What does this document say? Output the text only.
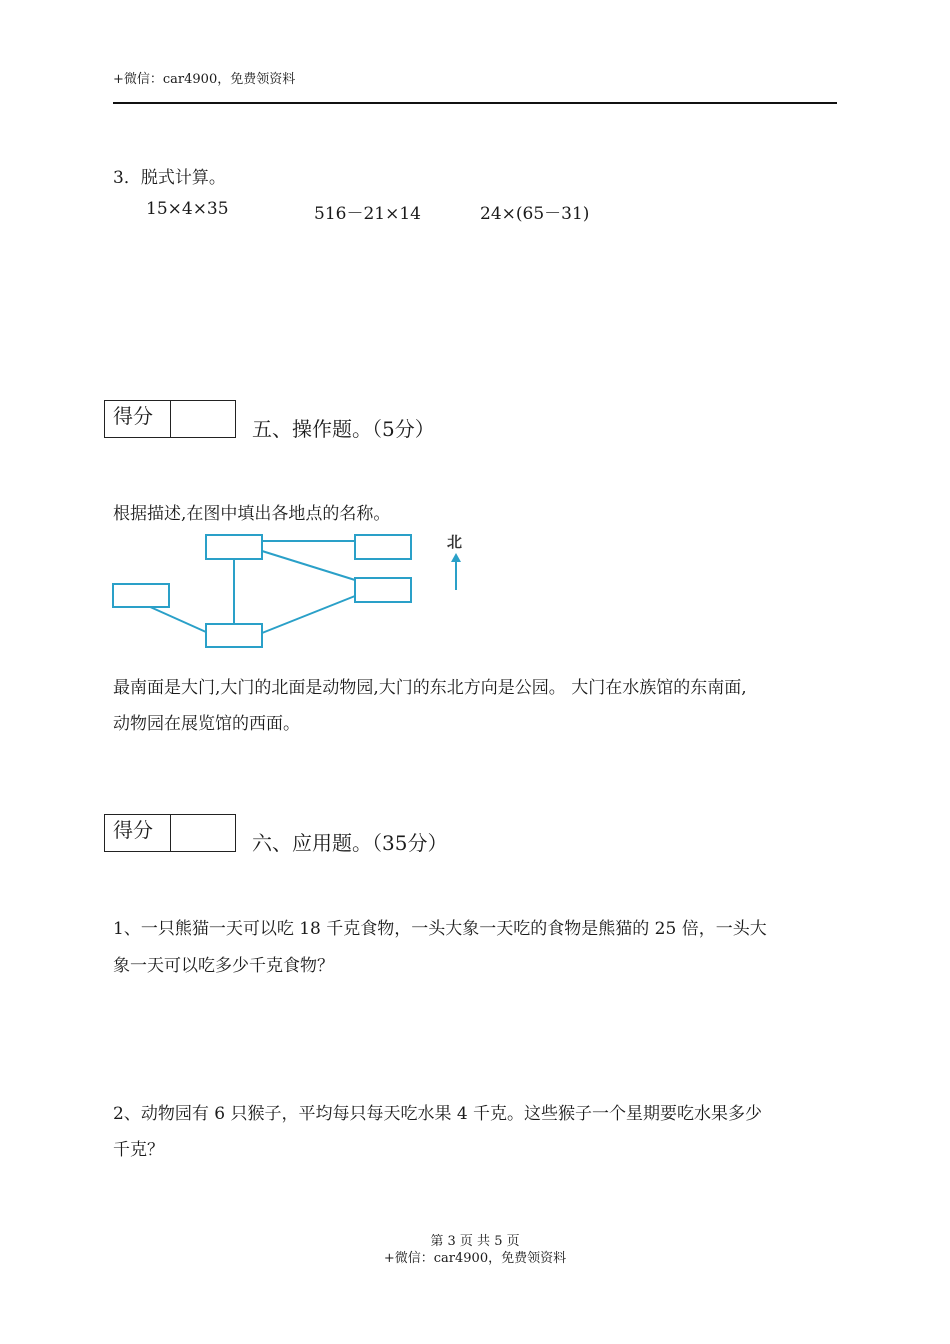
+微信：car4900，免费领资料
3．脱式计算。
15×4×35	516－21×14	24×(65－31)
得分
五、操作题。（5分）
根据描述,在图中填出各地点的名称。
北
最南面是大门,大门的北面是动物园,大门的东北方向是公园。 大门在水族馆的东南面,
动物园在展览馆的西面。
得分
六、应用题。（35分）
1、一只熊猫一天可以吃 18 千克食物，一头大象一天吃的食物是熊猫的 25 倍，一头大
象一天可以吃多少千克食物？
2、动物园有 6 只猴子，平均每只每天吃水果 4 千克。这些猴子一个星期要吃水果多少
千克？
第 3 页 共 5 页
+微信：car4900，免费领资料
